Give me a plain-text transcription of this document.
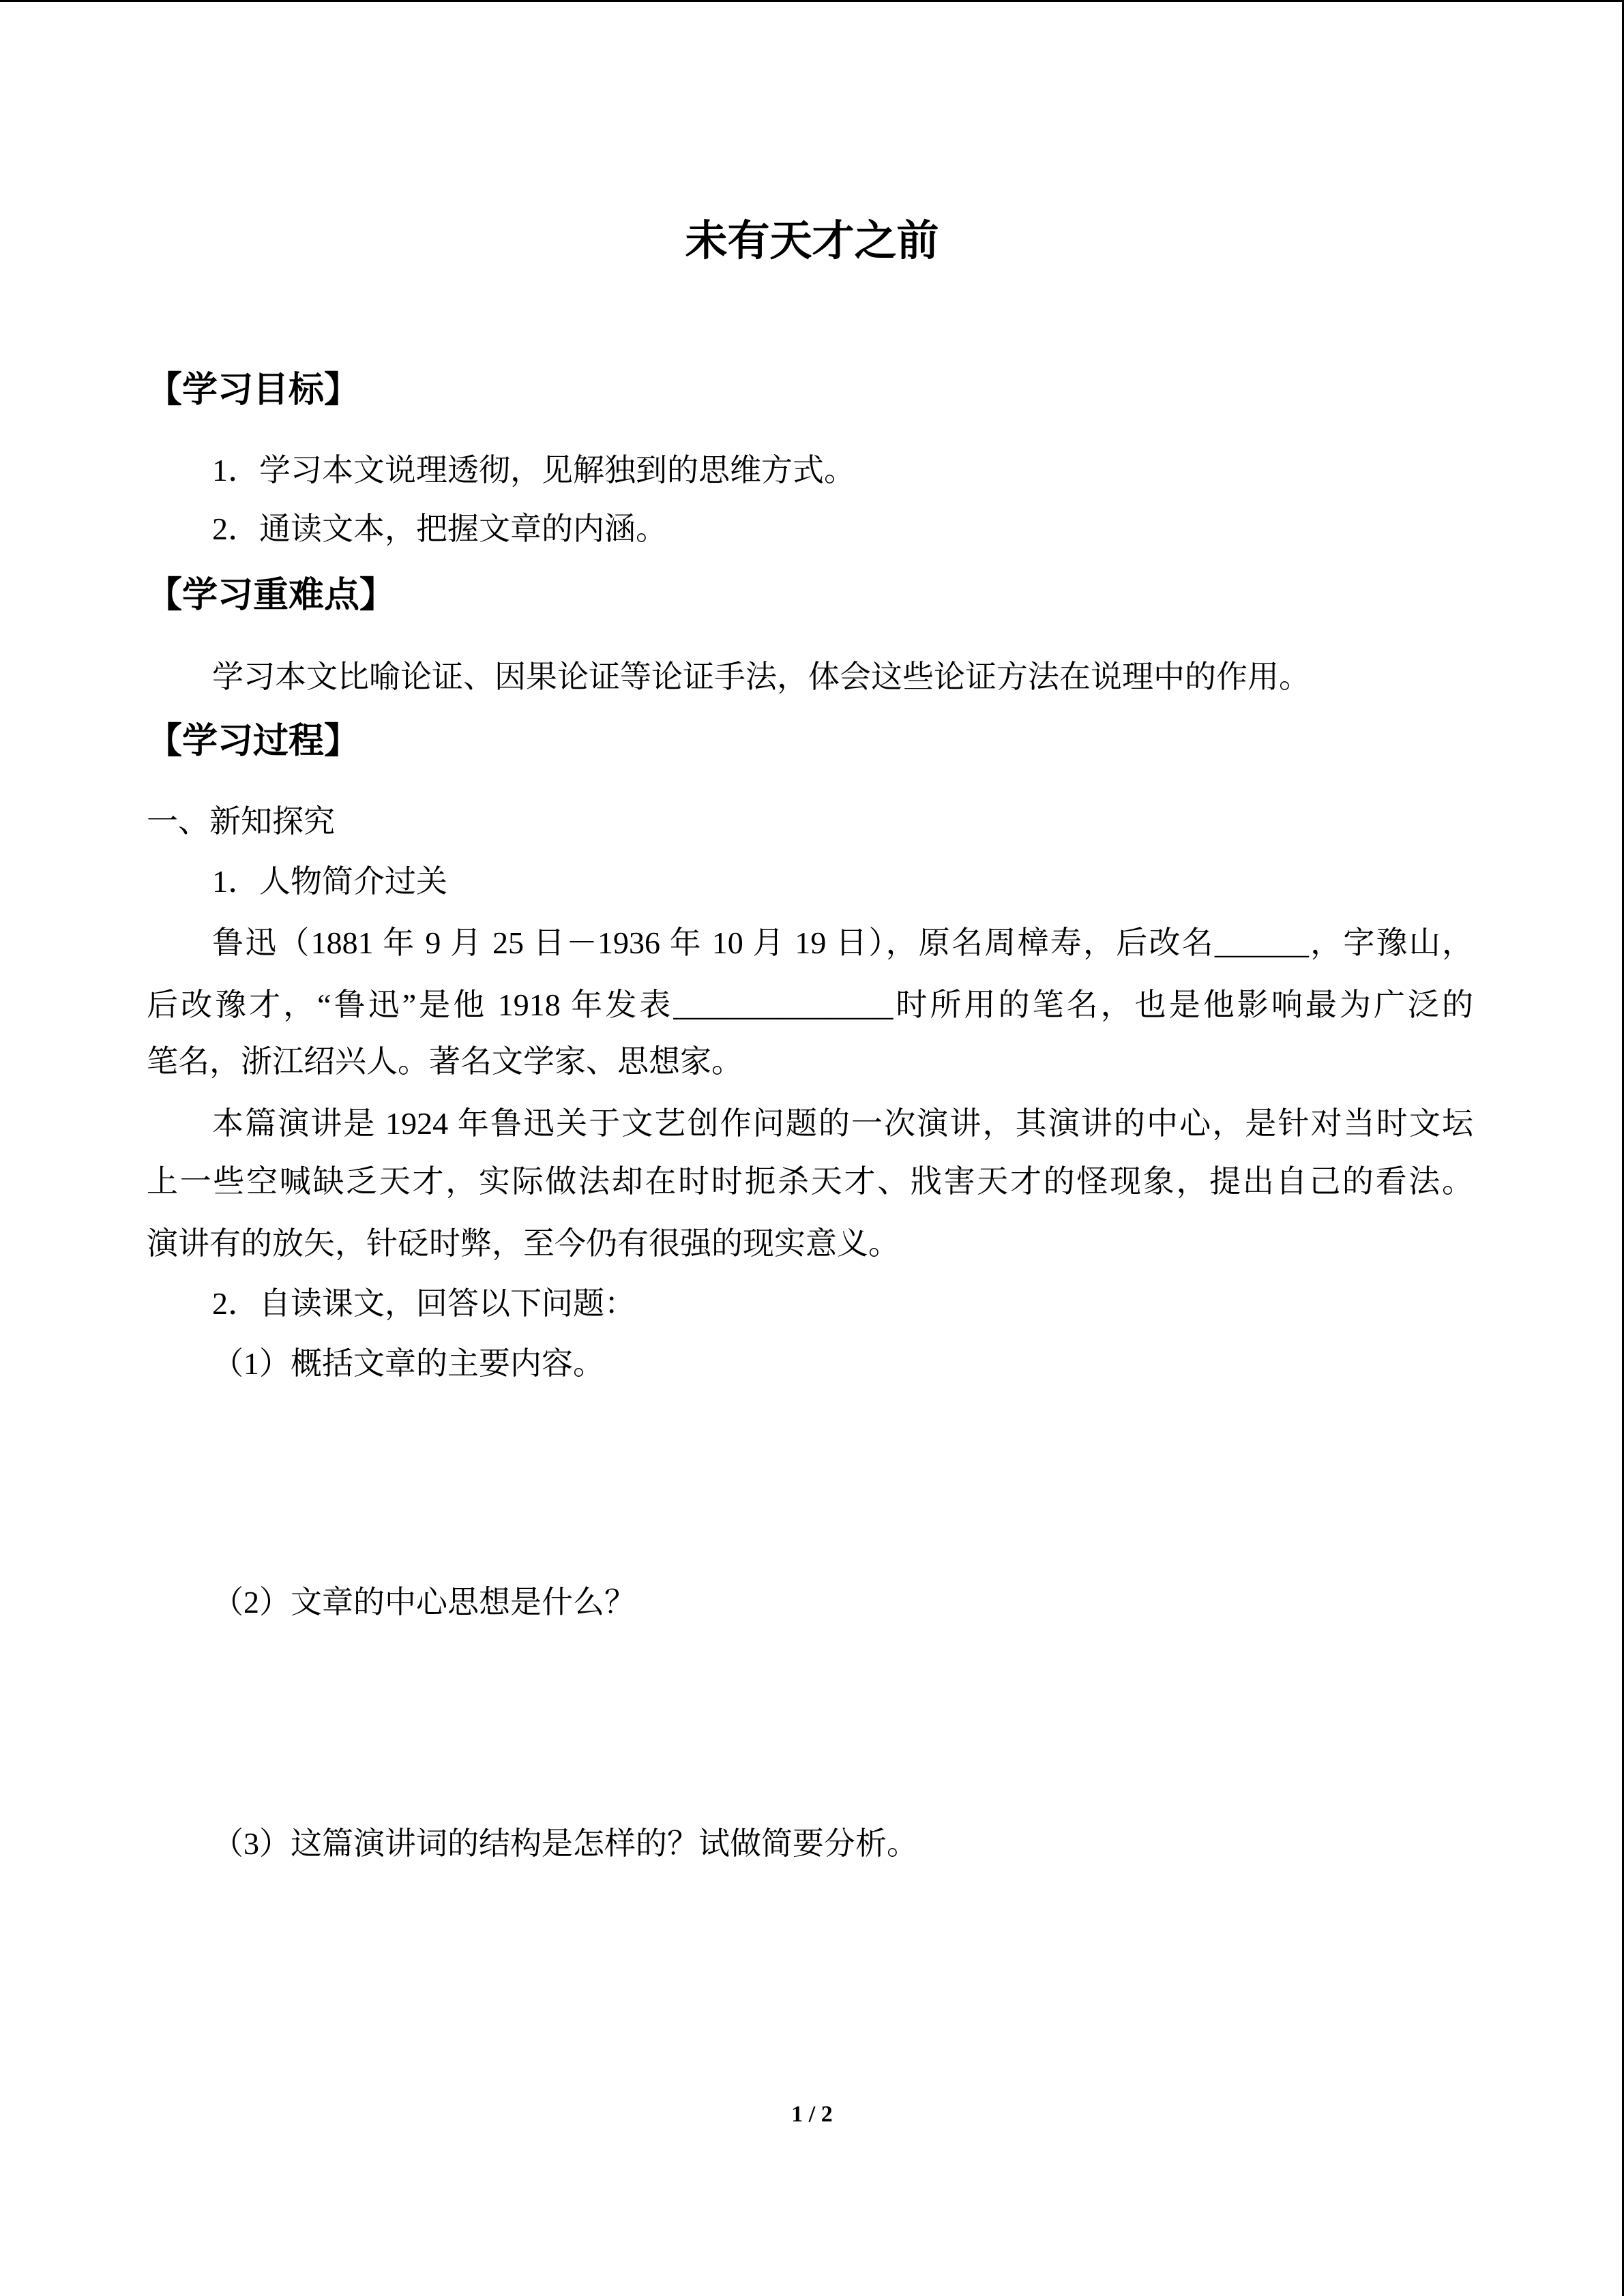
未有天才之前
【学习目标】
1．学习本文说理透彻，见解独到的思维方式。
2．通读文本，把握文章的内涵。
【学习重难点】
学习本文比喻论证、因果论证等论证手法，体会这些论证方法在说理中的作用。
【学习过程】
一、新知探究
1．人物简介过关
鲁迅（1881 年 9 月 25 日－1936 年 10 月 19 日），原名周樟寿，后改名______，字豫山，
后改豫才，“鲁迅”是他 1918 年发表______________时所用的笔名，也是他影响最为广泛的
笔名，浙江绍兴人。著名文学家、思想家。
本篇演讲是 1924 年鲁迅关于文艺创作问题的一次演讲，其演讲的中心，是针对当时文坛
上一些空喊缺乏天才，实际做法却在时时扼杀天才、戕害天才的怪现象，提出自己的看法。
演讲有的放矢，针砭时弊，至今仍有很强的现实意义。
2．自读课文，回答以下问题：
（1）概括文章的主要内容。
（2）文章的中心思想是什么？
（3）这篇演讲词的结构是怎样的？试做简要分析。
1 / 2
